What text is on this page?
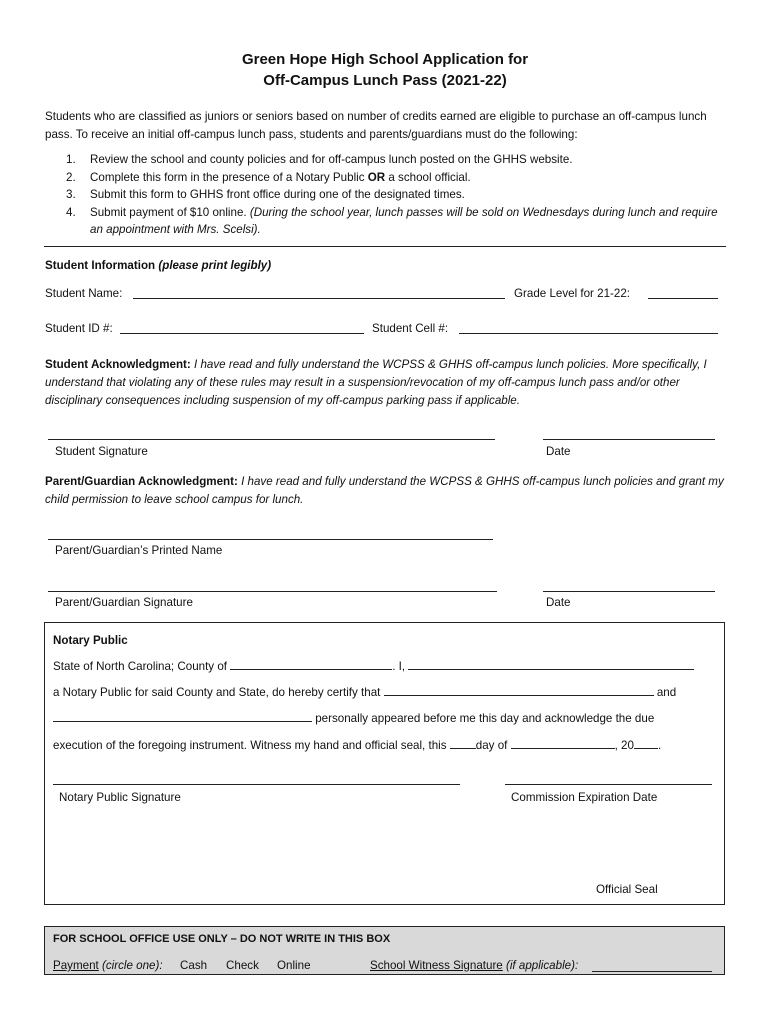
Green Hope High School Application for
Off-Campus Lunch Pass (2021-22)
Students who are classified as juniors or seniors based on number of credits earned are eligible to purchase an off-campus lunch pass. To receive an initial off-campus lunch pass, students and parents/guardians must do the following:
1. Review the school and county policies and for off-campus lunch posted on the GHHS website.
2. Complete this form in the presence of a Notary Public OR a school official.
3. Submit this form to GHHS front office during one of the designated times.
4. Submit payment of $10 online. (During the school year, lunch passes will be sold on Wednesdays during lunch and require an appointment with Mrs. Scelsi).
Student Information (please print legibly)
Student Name:	Grade Level for 21-22:
Student ID #:	Student Cell #:
Student Acknowledgment: I have read and fully understand the WCPSS & GHHS off-campus lunch policies. More specifically, I understand that violating any of these rules may result in a suspension/revocation of my off-campus lunch pass and/or other disciplinary consequences including suspension of my off-campus parking pass if applicable.
Student Signature	Date
Parent/Guardian Acknowledgment: I have read and fully understand the WCPSS & GHHS off-campus lunch policies and grant my child permission to leave school campus for lunch.
Parent/Guardian’s Printed Name
Parent/Guardian Signature	Date
Notary Public
State of North Carolina; County of	. I,
a Notary Public for said County and State, do hereby certify that	and
personally appeared before me this day and acknowledge the due
execution of the foregoing instrument. Witness my hand and official seal, this	day of	, 20 .
Notary Public Signature	Commission Expiration Date
Official Seal
FOR SCHOOL OFFICE USE ONLY – DO NOT WRITE IN THIS BOX
Payment (circle one): Cash Check Online	School Witness Signature (if applicable):
